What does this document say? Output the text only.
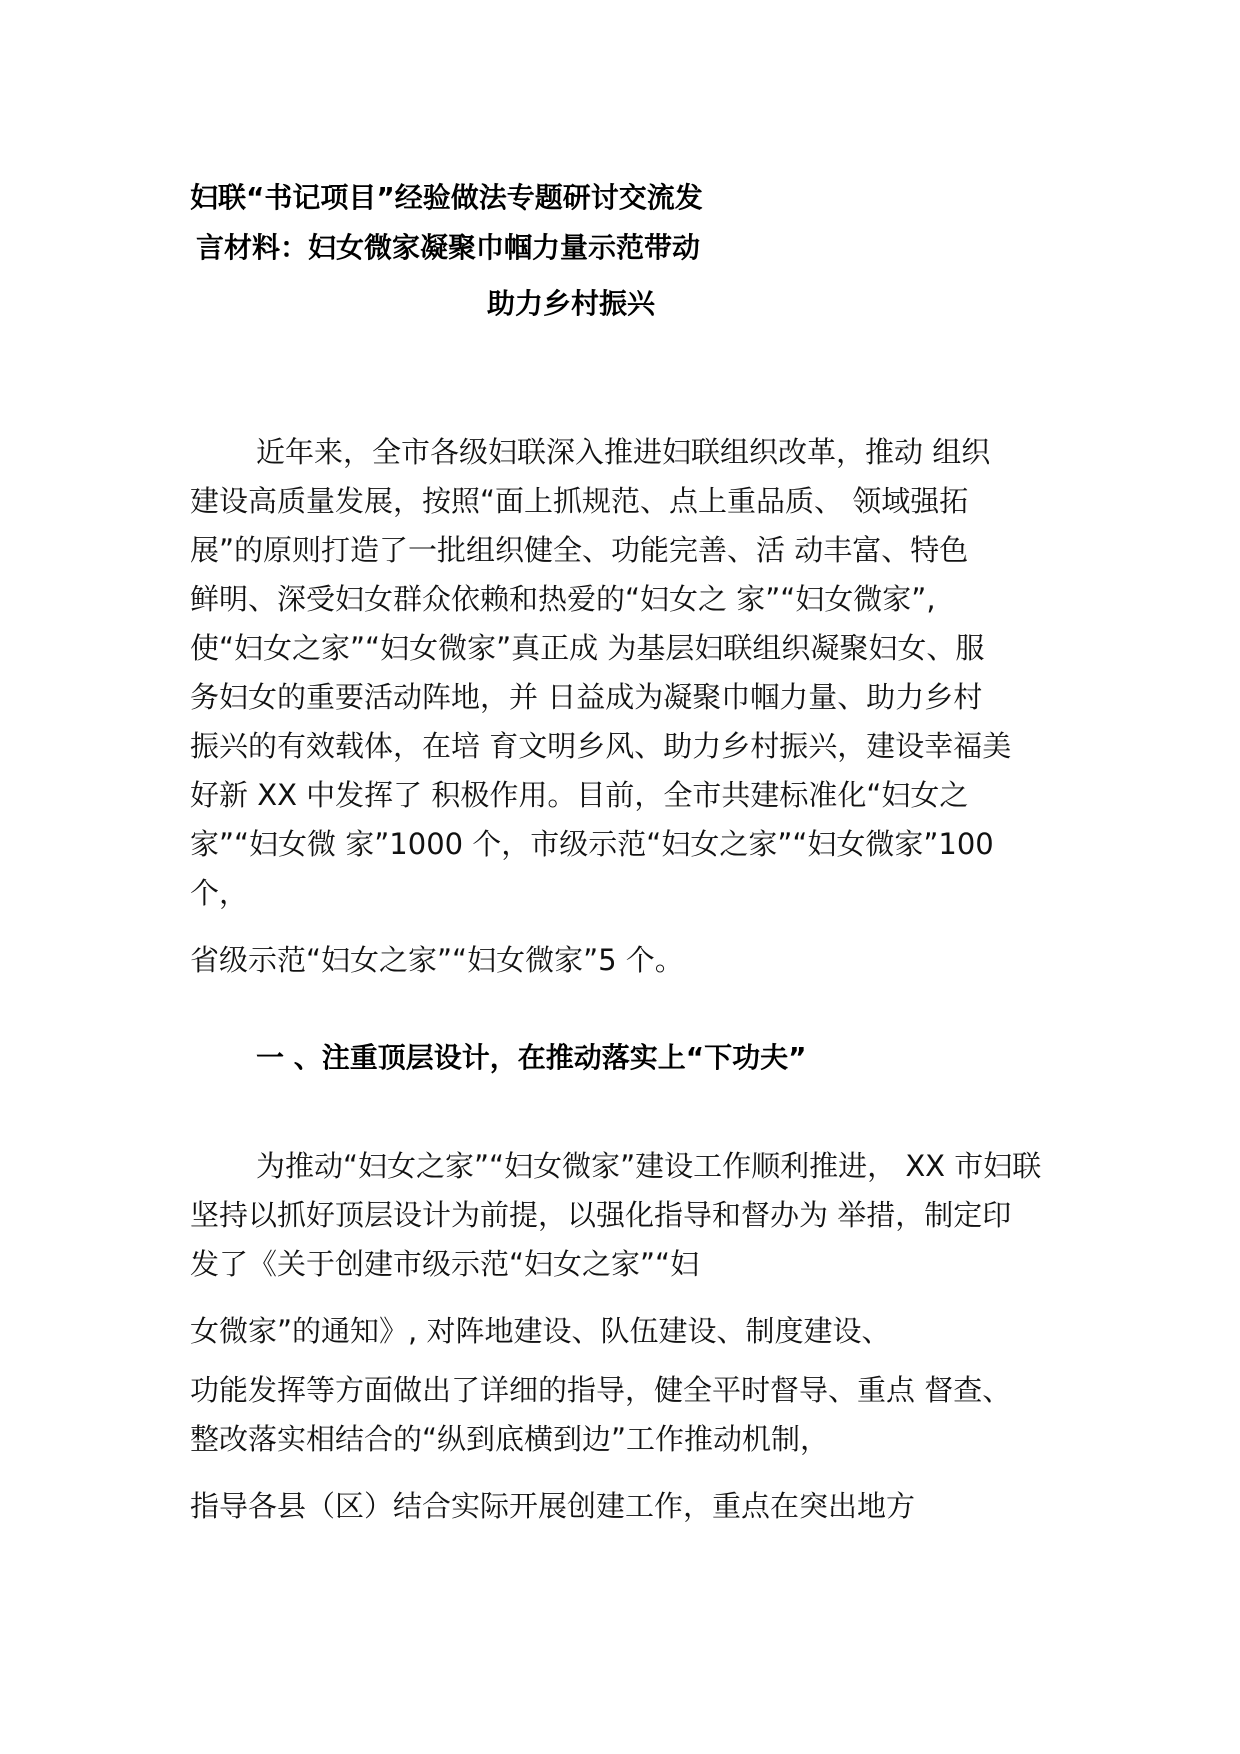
妇联“书记项目”经验做法专题研讨交流发

言材料：妇女微家凝聚巾帼力量示范带动

助力乡村振兴

近年来，全市各级妇联深入推进妇联组织改革，推动 组织

建设高质量发展，按照“面上抓规范、点上重品质、 领域强拓

展”的原则打造了一批组织健全、功能完善、活 动丰富、特色

鲜明、深受妇女群众依赖和热爱的“妇女之 家”“妇女微家”,

使“妇女之家”“妇女微家”真正成 为基层妇联组织凝聚妇女、服

务妇女的重要活动阵地，并 日益成为凝聚巾帼力量、助力乡村

振兴的有效载体，在培 育文明乡风、助力乡村振兴，建设幸福美

好新 XX 中发挥了 积极作用。目前，全市共建标准化“妇女之

家”“妇女微 家”1000 个，市级示范“妇女之家”“妇女微家”100

个，

省级示范“妇女之家”“妇女微家”5 个。

一 、注重顶层设计，在推动落实上“下功夫”

为推动“妇女之家”“妇女微家”建设工作顺利推进， XX 市妇联

坚持以抓好顶层设计为前提，以强化指导和督办为 举措，制定印

发了《关于创建市级示范“妇女之家”“妇

女微家”的通知》, 对阵地建设、队伍建设、制度建设、

功能发挥等方面做出了详细的指导，健全平时督导、重点 督查、

整改落实相结合的“纵到底横到边”工作推动机制，

指导各县（区）结合实际开展创建工作，重点在突出地方
